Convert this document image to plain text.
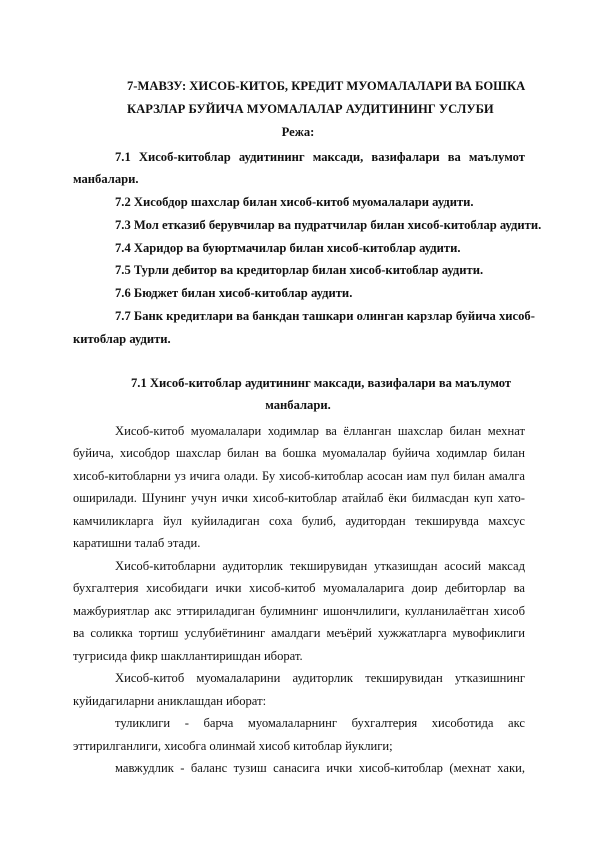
7-МАВЗУ: ХИСОБ-КИТОБ, КРЕДИТ МУОМАЛАЛАРИ ВА БОШКА
КАРЗЛАР БУЙИЧА МУОМАЛАЛАР АУДИТИНИНГ УСЛУБИ
Режа:
7.1 Хисоб-китоблар аудитининг максади, вазифалари ва маълумот
манбалари.
7.2 Хисобдор шахслар билан хисоб-китоб муомалалари аудити.
7.3 Мол етказиб берувчилар ва пудратчилар билан хисоб-китоблар аудити.
7.4 Харидор ва буюртмачилар билан хисоб-китоблар аудити.
7.5 Турли дебитор ва кредиторлар билан хисоб-китоблар аудити.
7.6 Бюджет билан хисоб-китоблар аудити.
7.7 Банк кредитлари ва банкдан ташкари олинган карзлар буйича хисоб-
китоблар аудити.
7.1 Хисоб-китоблар аудитининг максади, вазифалари ва маълумот
манбалари.
Хисоб-китоб муомалалари ходимлар ва ёлланган шахслар билан мехнат
буйича, хисобдор шахслар билан ва бошка муомалалар буйича ходимлар билан
хисоб-китобларни уз ичига олади. Бу хисоб-китоблар асосан иам пул билан амалга
оширилади. Шунинг учун ички хисоб-китоблар атайлаб ёки билмасдан куп хато-
камчиликларга йул куйиладиган соха булиб, аудитордан текширувда махсус
каратишни талаб этади.
Хисоб-китобларни аудиторлик текширувидан утказишдан асосий максад
бухгалтерия хисобидаги ички хисоб-китоб муомалаларига доир дебиторлар ва
мажбуриятлар акс эттириладиган булимнинг ишончлилиги, кулланилаётган хисоб
ва соликка тортиш услубиётининг амалдаги меъёрий хужжатларга мувофиклиги
тугрисида фикр шакллантиришдан иборат.
Хисоб-китоб муомалаларини аудиторлик текширувидан утказишнинг
куйидагиларни аниклашдан иборат:
туликлиги - барча муомалаларнинг бухгалтерия хисоботида акс
эттирилганлиги, хисобга олинмай хисоб китоблар йуклиги;
мавжудлик - баланс тузиш санасига ички хисоб-китоблар (мехнат хаки,
